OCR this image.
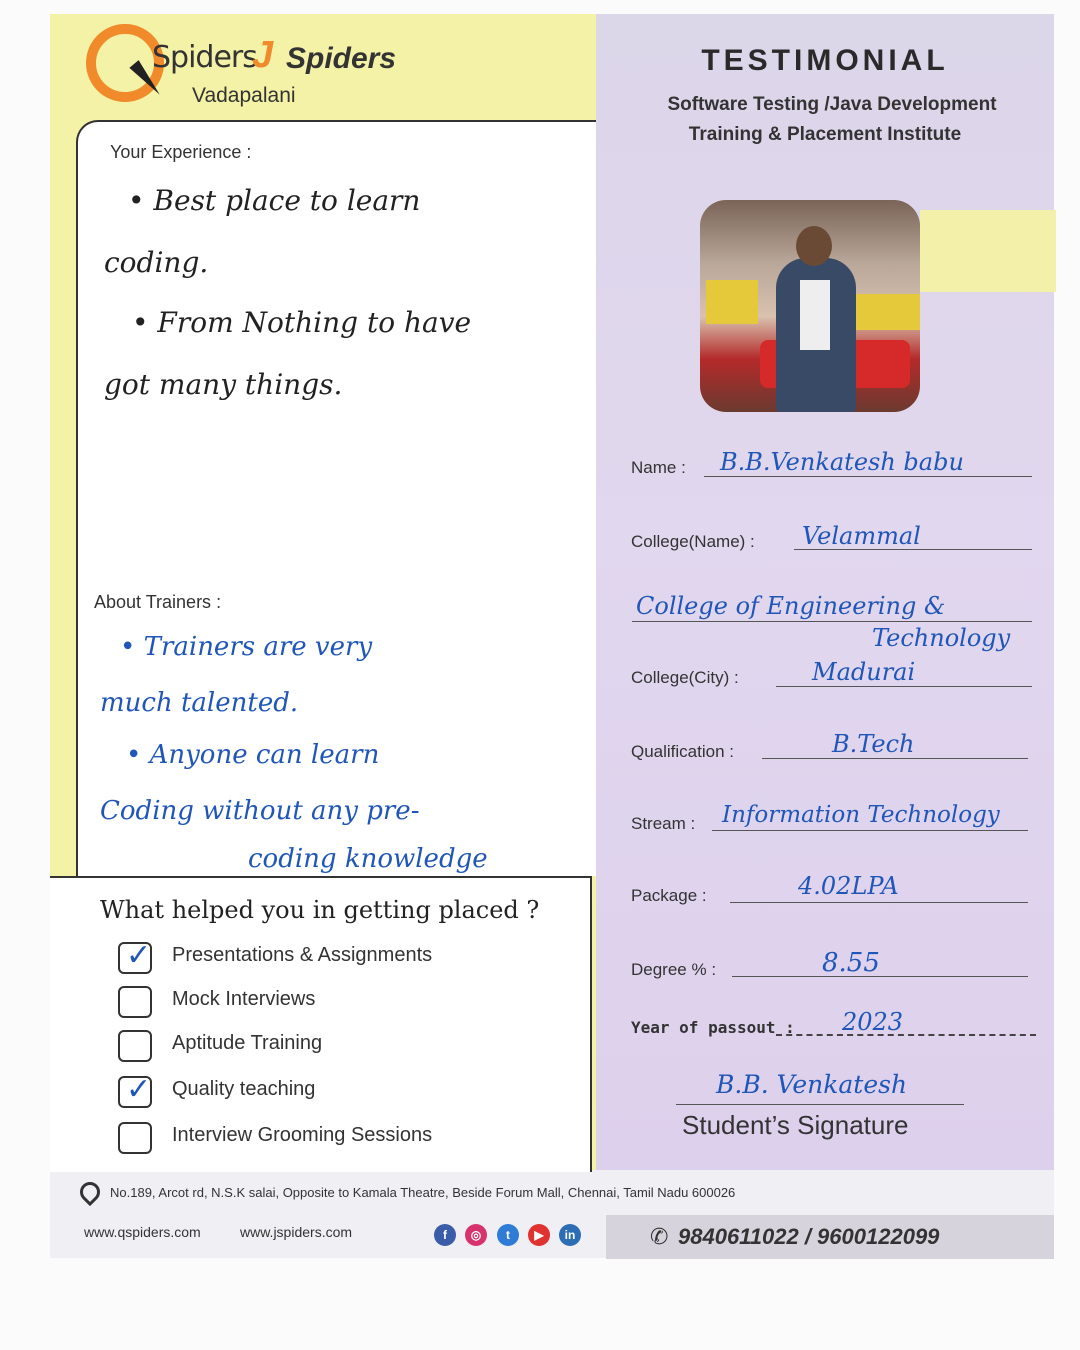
Spiders
J Spiders
Vadapalani
TESTIMONIAL
Software Testing /Java Development
Training & Placement Institute
Your Experience :
• Best place to learn
coding.
• From Nothing to have
got many things.
About Trainers :
• Trainers are very
much talented.
• Anyone can learn
Coding without any pre-
coding knowledge
What helped you in getting placed ?
✓ Presentations & Assignments
Mock Interviews
Aptitude Training
✓ Quality teaching
Interview Grooming Sessions
Name : B.B.Venkatesh babu
College(Name) : Velammal
College of Engineering &
Technology
College(City) :	Madurai
Qualification :	B.Tech
Stream : Information Technology
Package :	4.02LPA
Degree % :	8.55
Year of passout : 2023
B.B. Venkatesh
Student’s Signature
No.189, Arcot rd, N.S.K salai, Opposite to Kamala Theatre, Beside Forum Mall, Chennai, Tamil Nadu 600026
www.qspiders.com	www.jspiders.com	f	◎	t	▶	in	✆ 9840611022 / 9600122099
